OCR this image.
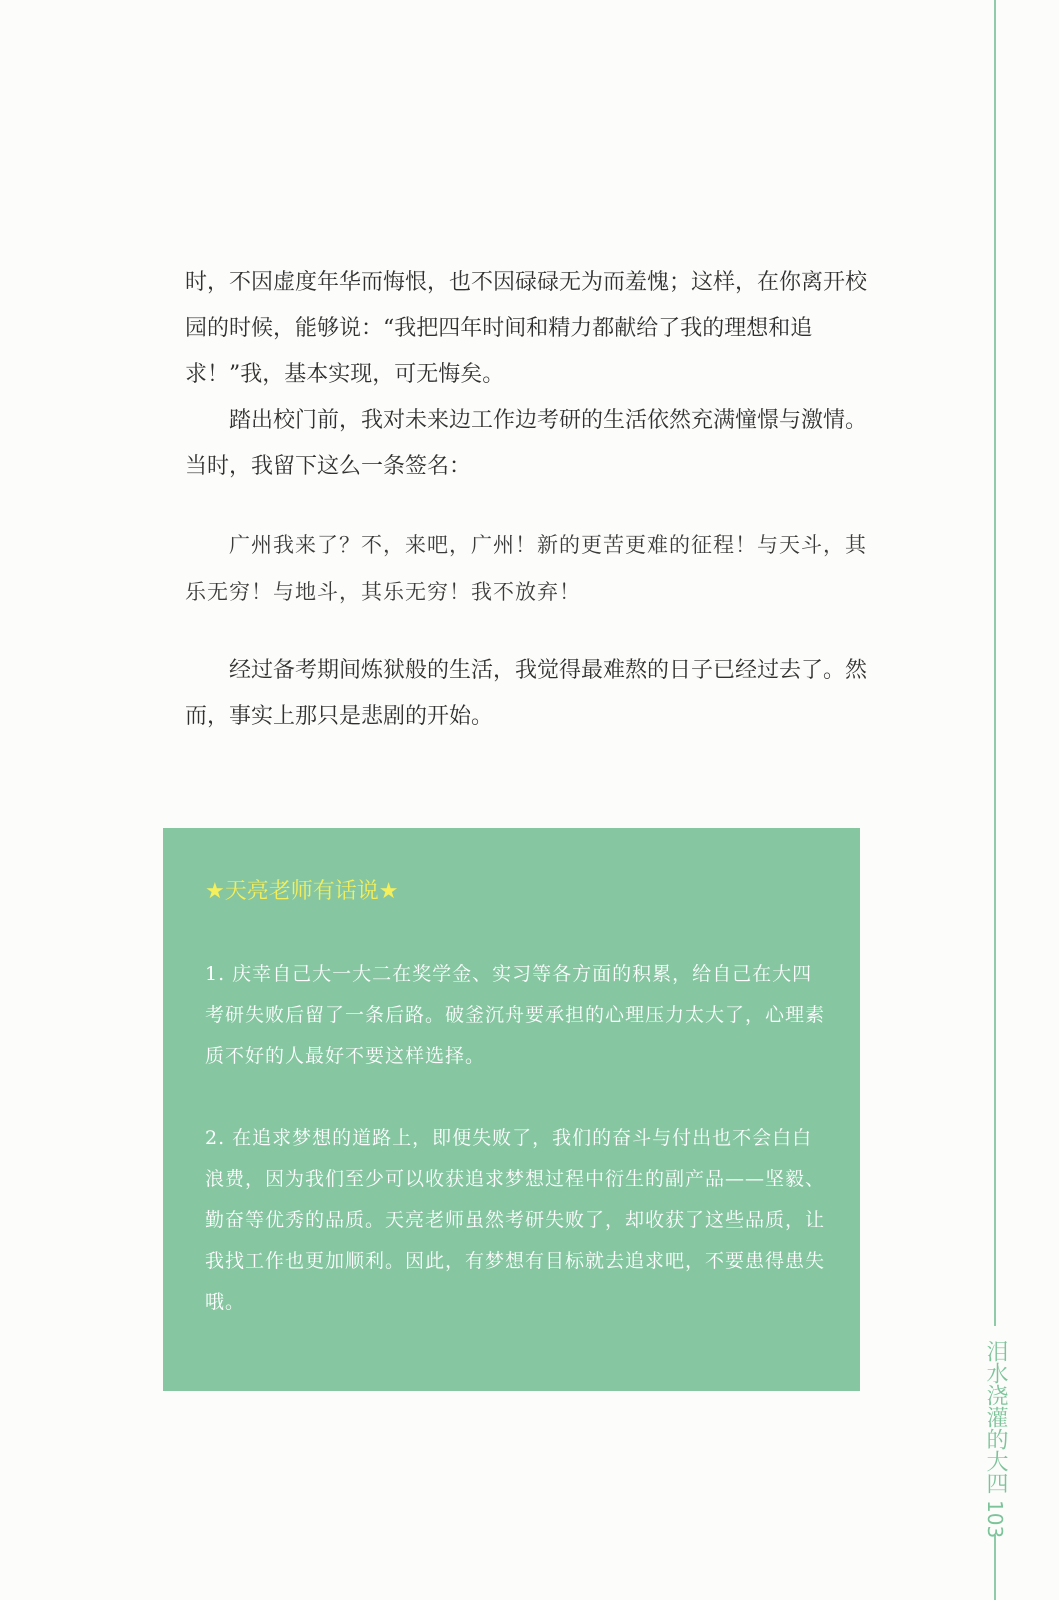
泪水浇灌的大四103

时，不因虚度年华而悔恨，也不因碌碌无为而羞愧；这样，在你离开校园的时候，能够说：“我把四年时间和精力都献给了我的理想和追求！”我，基本实现，可无悔矣。

踏出校门前，我对未来边工作边考研的生活依然充满憧憬与激情。当时，我留下这么一条签名：

广州我来了？不，来吧，广州！新的更苦更难的征程！与天斗，其乐无穷！与地斗，其乐无穷！我不放弃！

经过备考期间炼狱般的生活，我觉得最难熬的日子已经过去了。然而，事实上那只是悲剧的开始。

★天亮老师有话说★

1. 庆幸自己大一大二在奖学金、实习等各方面的积累，给自己在大四考研失败后留了一条后路。破釜沉舟要承担的心理压力太大了，心理素质不好的人最好不要这样选择。

2. 在追求梦想的道路上，即便失败了，我们的奋斗与付出也不会白白浪费，因为我们至少可以收获追求梦想过程中衍生的副产品——坚毅、勤奋等优秀的品质。天亮老师虽然考研失败了，却收获了这些品质，让我找工作也更加顺利。因此，有梦想有目标就去追求吧，不要患得患失哦。
